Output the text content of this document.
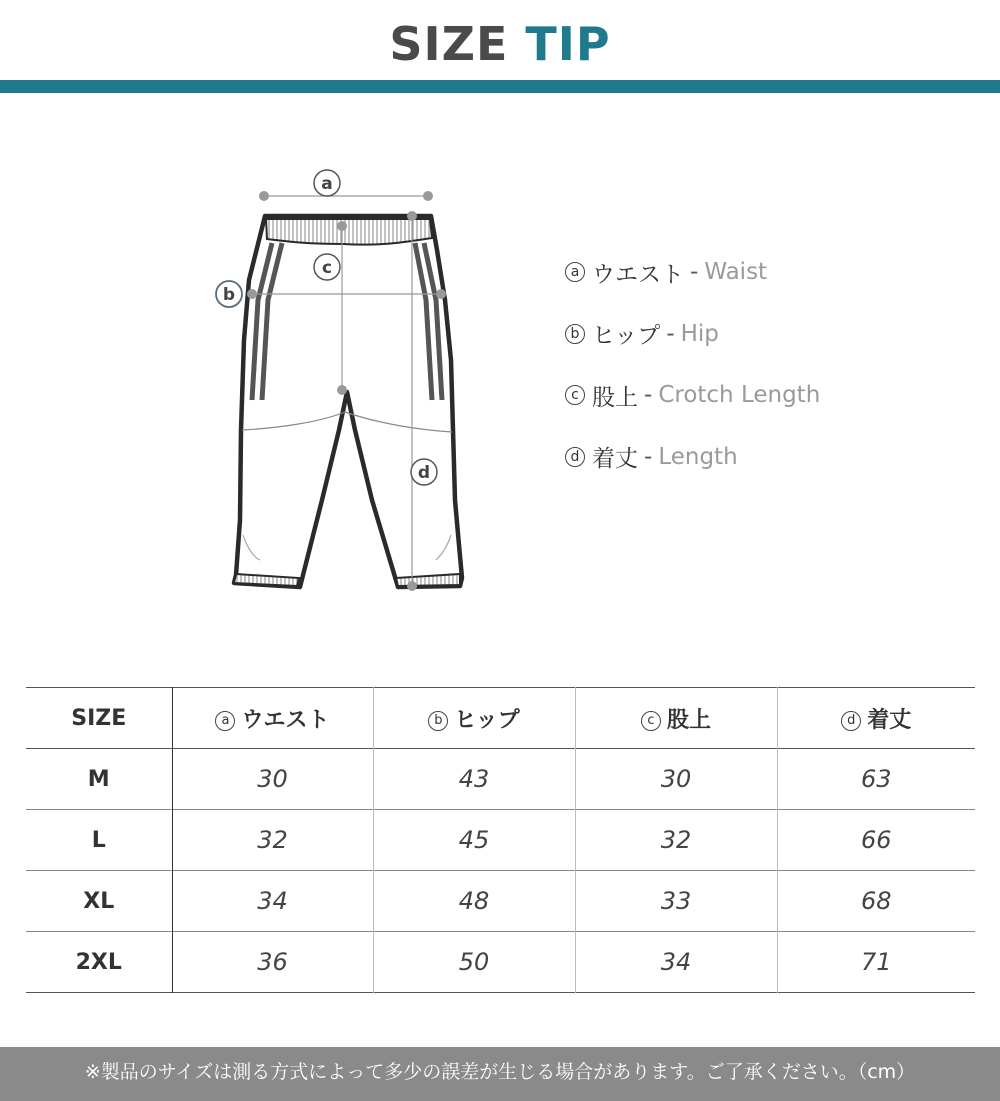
SIZE TIP
a
b
c
d
a ウエスト - Waist
b ヒップ - Hip
c 股上 - Crotch Length
d 着丈 - Length
SIZE	a ウエスト	b ヒップ	c 股上	d 着丈
M	30	43	30	63
L	32	45	32	66
XL	34	48	33	68
2XL	36	50	34	71
※製品のサイズは測る方式によって多少の誤差が生じる場合があります。ご了承ください。（cm）
